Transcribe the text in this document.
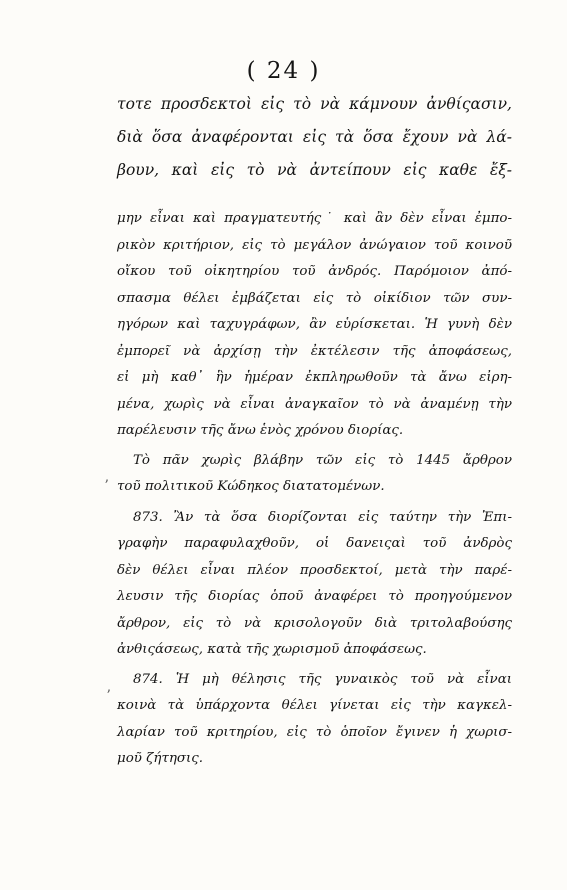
( 24 )
τοτε προσδεκτοὶ εἰς τὸ νὰ κάμνουν ἀνθίςασιν,
διὰ ὅσα ἀναφέρονται εἰς τὰ ὅσα ἔχουν νὰ λά-
βουν, καὶ εἰς τὸ νὰ ἀντείπουν εἰς καθε ἔξ-
μην εἶναι καὶ πραγματευτής˙ καὶ ἂν δὲν εἶναι ἐμπο-
ρικὸν κριτήριον, εἰς τὸ μεγάλον ἀνώγαιον τοῦ κοινοῦ
οἴκου τοῦ οἰκητηρίου τοῦ ἀνδρός. Παρόμοιον ἀπό-
σπασμα θέλει ἐμβάζεται εἰς τὸ οἰκίδιον τῶν συν-
ηγόρων καὶ ταχυγράφων, ἂν εὑρίσκεται. Ἡ γυνὴ δὲν
ἐμπορεῖ νὰ ἀρχίσῃ τὴν ἐκτέλεσιν τῆς ἀποφάσεως,
εἰ μὴ καθ᾽ ἣν ἡμέραν ἐκπληρωθοῦν τὰ ἄνω εἰρη-
μένα, χωρὶς νὰ εἶναι ἀναγκαῖον τὸ νὰ ἀναμένῃ τὴν
παρέλευσιν τῆς ἄνω ἑνὸς χρόνου διορίας.
Τὸ πᾶν χωρὶς βλάβην τῶν εἰς τὸ 1445 ἄρθρον
τοῦ πολιτικοῦ Κώδηκος διατατομένων.
873. Ἂν τὰ ὅσα διορίζονται εἰς ταύτην τὴν Ἐπι-
γραφὴν παραφυλαχθοῦν, οἱ δανειςαὶ τοῦ ἀνδρὸς
δὲν θέλει εἶναι πλέον προσδεκτοί, μετὰ τὴν παρέ-
λευσιν τῆς διορίας ὁποῦ ἀναφέρει τὸ προηγούμενον
ἄρθρον, εἰς τὸ νὰ κρισολογοῦν διὰ τριτολαβούσης
ἀνθιςάσεως, κατὰ τῆς χωρισμοῦ ἀποφάσεως.
874. Ἡ μὴ θέλησις τῆς γυναικὸς τοῦ νὰ εἶναι
κοινὰ τὰ ὑπάρχοντα θέλει γίνεται εἰς τὴν καγκελ-
λαρίαν τοῦ κριτηρίου, εἰς τὸ ὁποῖον ἔγινεν ἡ χωρισ-
μοῦ ζήτησις.
ʼ
ʼ
